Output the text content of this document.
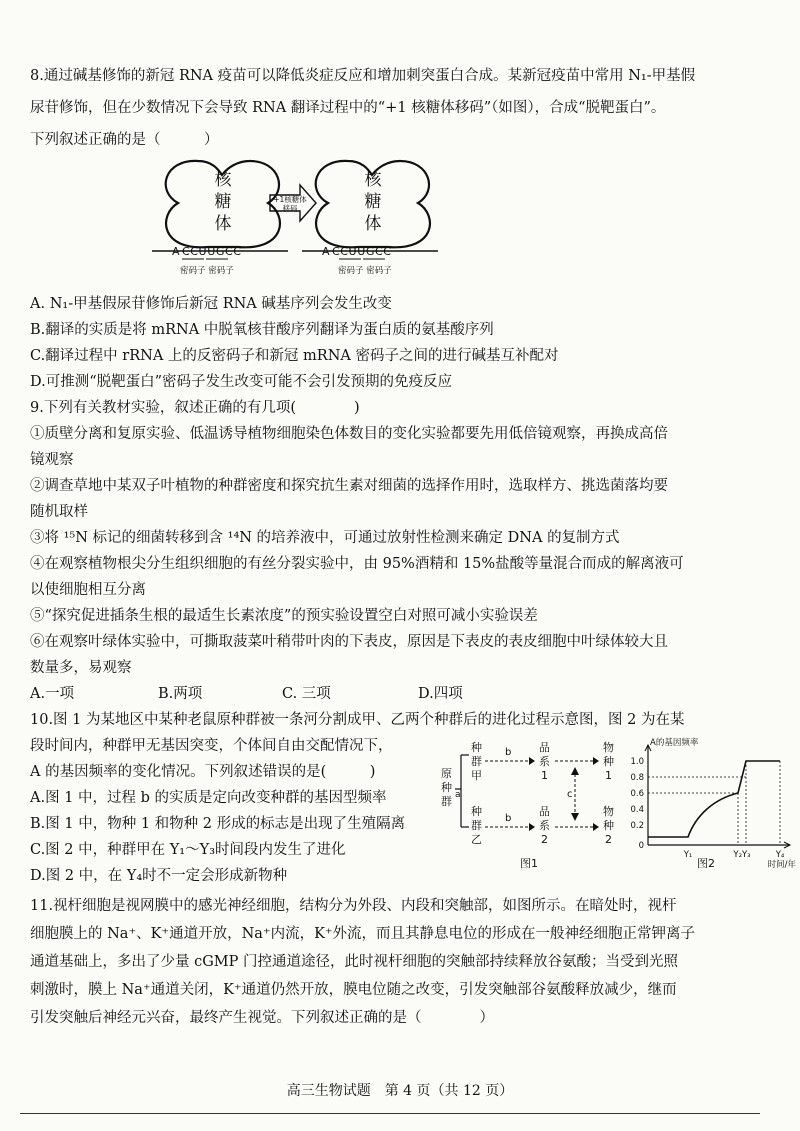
8.通过碱基修饰的新冠 RNA 疫苗可以降低炎症反应和增加刺突蛋白合成。某新冠疫苗中常用 N₁-甲基假
尿苷修饰，但在少数情况下会导致 RNA 翻译过程中的“+1 核糖体移码”（如图），合成“脱靶蛋白”。
下列叙述正确的是（　　　）
核
糖
体
A CCUUGCC
密码子 密码子
+1核糖体
移码
核
糖
体
A CCUUGCC
密码子 密码子
A. N₁-甲基假尿苷修饰后新冠 RNA 碱基序列会发生改变
B.翻译的实质是将 mRNA 中脱氧核苷酸序列翻译为蛋白质的氨基酸序列
C.翻译过程中 rRNA 上的反密码子和新冠 mRNA 密码子之间的进行碱基互补配对
D.可推测“脱靶蛋白”密码子发生改变可能不会引发预期的免疫反应
9.下列有关教材实验，叙述正确的有几项(　　　　)
①质壁分离和复原实验、低温诱导植物细胞染色体数目的变化实验都要先用低倍镜观察，再换成高倍
镜观察
②调查草地中某双子叶植物的种群密度和探究抗生素对细菌的选择作用时，选取样方、挑选菌落均要
随机取样
③将 ¹⁵N 标记的细菌转移到含 ¹⁴N 的培养液中，可通过放射性检测来确定 DNA 的复制方式
④在观察植物根尖分生组织细胞的有丝分裂实验中，由 95%酒精和 15%盐酸等量混合而成的解离液可
以使细胞相互分离
⑤“探究促进插条生根的最适生长素浓度”的预实验设置空白对照可减小实验误差
⑥在观察叶绿体实验中，可撕取菠菜叶稍带叶肉的下表皮，原因是下表皮的表皮细胞中叶绿体较大且
数量多，易观察
A.一项	B.两项	C. 三项	D.四项
10.图 1 为某地区中某种老鼠原种群被一条河分割成甲、乙两个种群后的进化过程示意图，图 2 为在某
段时间内，种群甲无基因突变，个体间自由交配情况下，
A 的基因频率的变化情况。下列叙述错误的是(　　　)
A.图 1 中，过程 b 的实质是定向改变种群的基因型频率
B.图 1 中，物种 1 和物种 2 形成的标志是出现了生殖隔离
C.图 2 中，种群甲在 Y₁～Y₃时间段内发生了进化
D.图 2 中，在 Y₄时不一定会形成新物种
原
种
群 a
种
群
甲
种
群
乙
b
b
品
系
1
品
系
2
c
物
种
1
物
种
2
图1
A的基因频率
1.0
0.8
0.6
0.4
0.2
0
Y₁	Y₂Y₃	Y₄
时间/年
图2
11.视杆细胞是视网膜中的感光神经细胞，结构分为外段、内段和突触部，如图所示。在暗处时，视杆
细胞膜上的 Na⁺、K⁺通道开放，Na⁺内流，K⁺外流，而且其静息电位的形成在一般神经细胞正常钾离子
通道基础上，多出了少量 cGMP 门控通道途径，此时视杆细胞的突触部持续释放谷氨酸；当受到光照
刺激时，膜上 Na⁺通道关闭，K⁺通道仍然开放，膜电位随之改变，引发突触部谷氨酸释放减少，继而
引发突触后神经元兴奋，最终产生视觉。下列叙述正确的是（　　　　）
高三生物试题　第 4 页（共 12 页）
